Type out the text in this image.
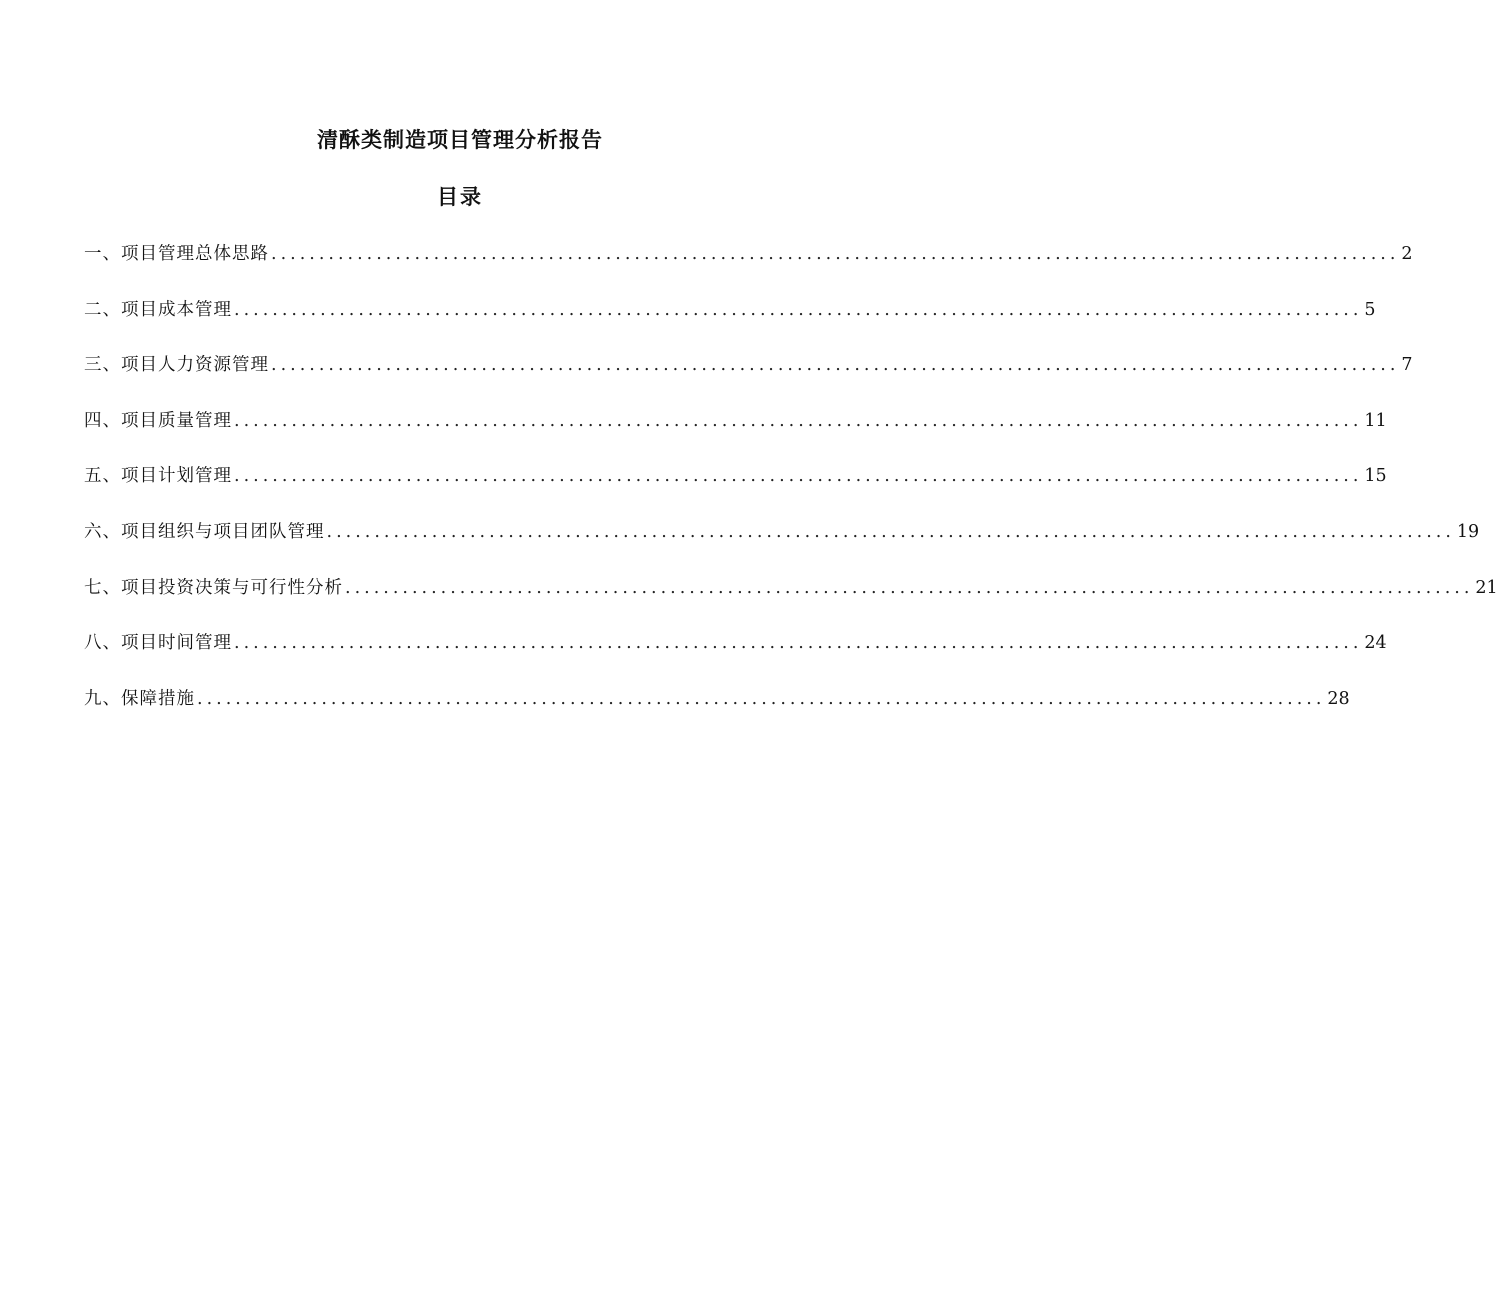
清酥类制造项目管理分析报告
目录
一、项目管理总体思路 ...................................................................................................................... 2
二、项目成本管理 ...................................................................................................................... 5
三、项目人力资源管理 ...................................................................................................................... 7
四、项目质量管理 ...................................................................................................................... 11
五、项目计划管理 ...................................................................................................................... 15
六、项目组织与项目团队管理 ...................................................................................................................... 19
七、项目投资决策与可行性分析 ...................................................................................................................... 21
八、项目时间管理 ...................................................................................................................... 24
九、保障措施 ...................................................................................................................... 28
